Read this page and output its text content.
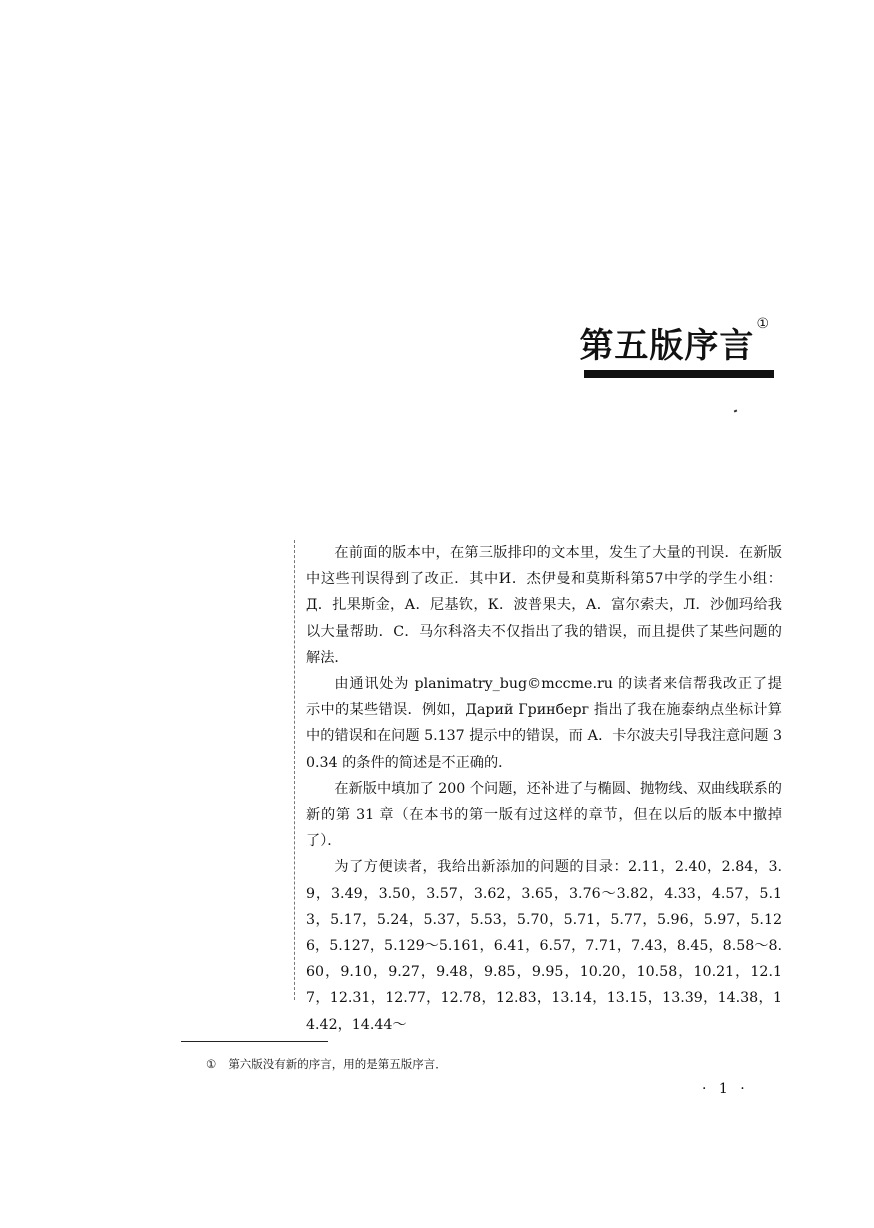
第五版序言①

在前面的版本中，在第三版排印的文本里，发生了大量的刊误．在新版中这些刊误得到了改正．其中И．杰伊曼和莫斯科第57中学的学生小组：Д．扎果斯金，А．尼基钦，К．波普果夫，А．富尔索夫，Л．沙伽玛给我以大量帮助．С．马尔科洛夫不仅指出了我的错误，而且提供了某些问题的解法．

由通讯处为 planimatry_bug©mccme.ru 的读者来信帮我改正了提示中的某些错误．例如，Дарий Гринберг 指出了我在施泰纳点坐标计算中的错误和在问题 5.137 提示中的错误，而 А．卡尔波夫引导我注意问题 30.34 的条件的简述是不正确的．

在新版中填加了 200 个问题，还补进了与椭圆、抛物线、双曲线联系的新的第 31 章（在本书的第一版有过这样的章节，但在以后的版本中撤掉了）．

为了方便读者，我给出新添加的问题的目录：2.11，2.40，2.84，3.9，3.49，3.50，3.57，3.62，3.65，3.76～3.82，4.33，4.57，5.13，5.17，5.24，5.37，5.53，5.70，5.71，5.77，5.96，5.97，5.126，5.127，5.129～5.161，6.41，6.57，7.71，7.43，8.45，8.58～8.60，9.10，9.27，9.48，9.85，9.95，10.20，10.58，10.21，12.17，12.31，12.77，12.78，12.83，13.14，13.15，13.39，14.38，14.42，14.44～

① 第六版没有新的序言，用的是第五版序言．
· 1 ·
